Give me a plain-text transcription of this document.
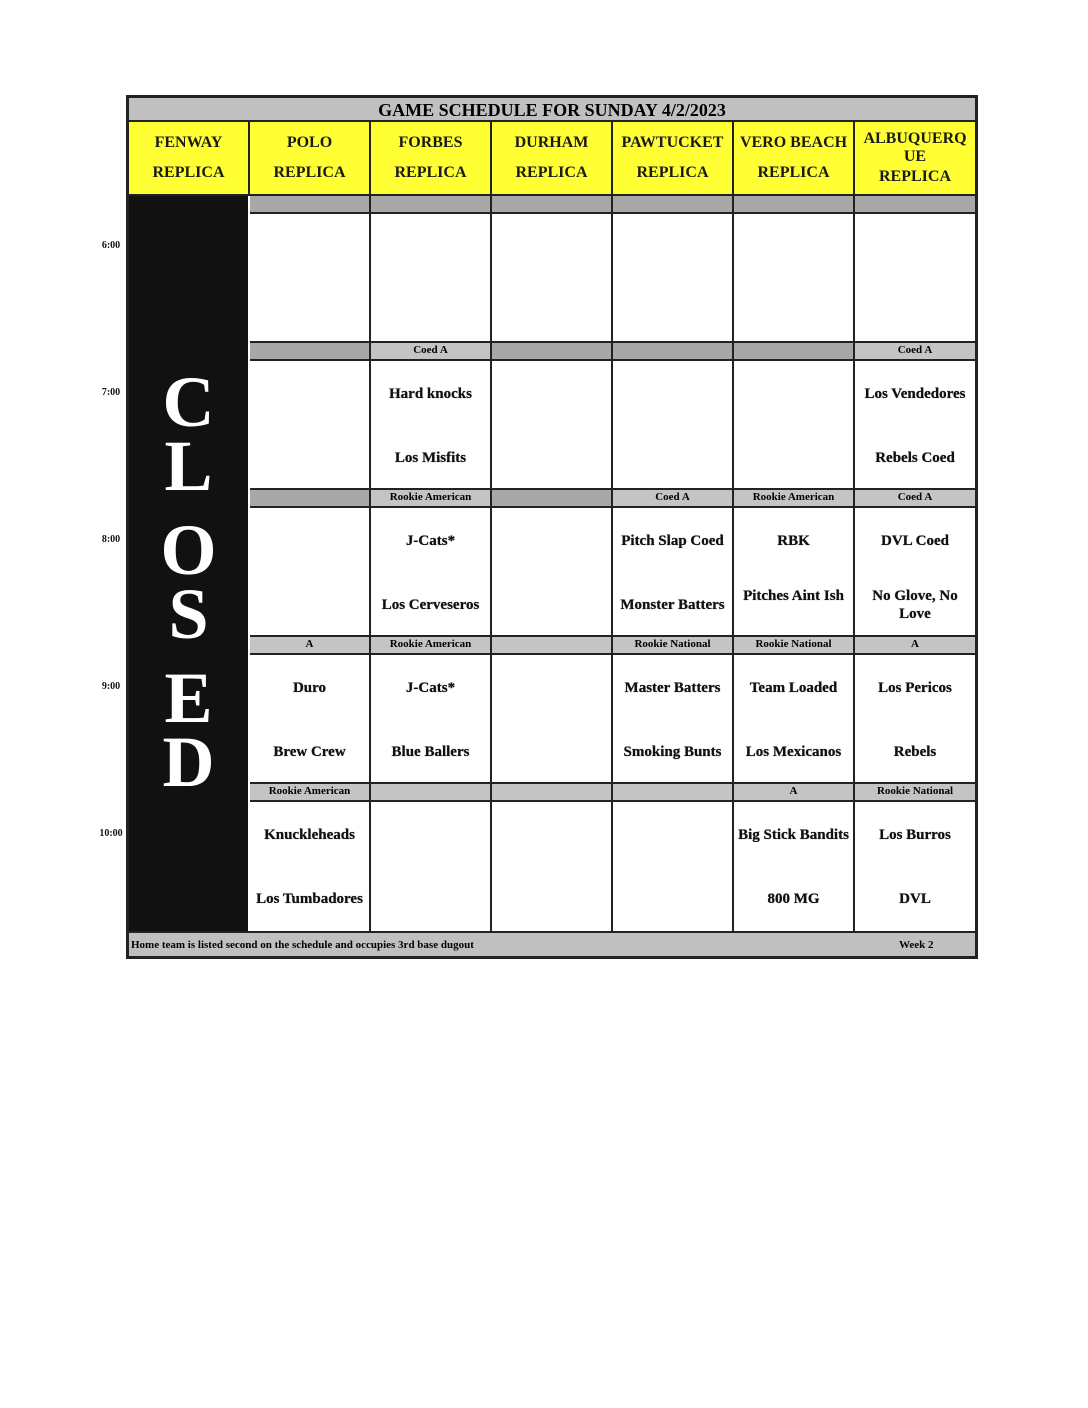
GAME SCHEDULE FOR SUNDAY 4/2/2023
FENWAY
REPLICA
POLO
REPLICA
FORBES
REPLICA
DURHAM
REPLICA
PAWTUCKET
REPLICA
VERO BEACH
REPLICA
ALBUQUERQUE
REPLICA
6:00
7:00
Coed A
Hard knocks
Los Misfits
Coed A
Los Vendedores
Rebels Coed
8:00
Rookie American
J-Cats*
Los Cerveseros
Coed A
Pitch Slap Coed
Monster Batters
Rookie American
RBK
Pitches Aint Ish
Coed A
DVL Coed
No Glove, No Love
9:00
A
Duro
Brew Crew
Rookie American
J-Cats*
Blue Ballers
Rookie National
Master Batters
Smoking Bunts
Rookie National
Team Loaded
Los Mexicanos
A
Los Pericos
Rebels
10:00
Rookie American
Knuckleheads
Los Tumbadores
A
Big Stick Bandits
800 MG
Rookie National
Los Burros
DVL
C
L
O
S
E
D
Home team is listed second on the schedule and occupies 3rd base dugout	Week 2
